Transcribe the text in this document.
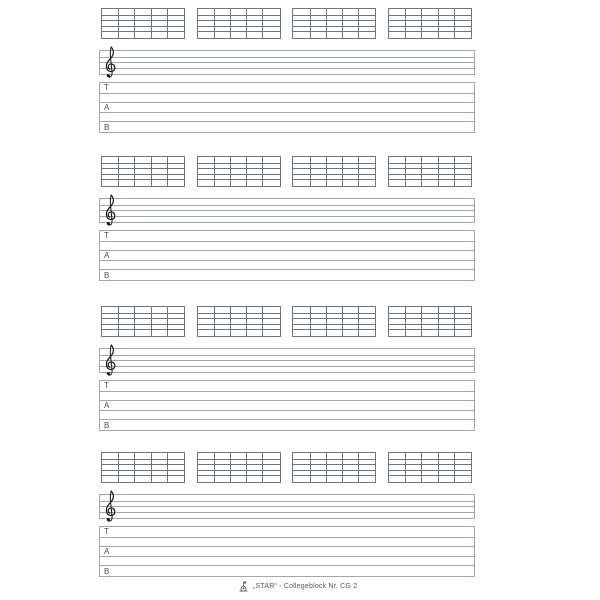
T
A
B
T
A
B
T
A
B
T
A
B
„STAR“ - Collegeblock Nr. CG 2
